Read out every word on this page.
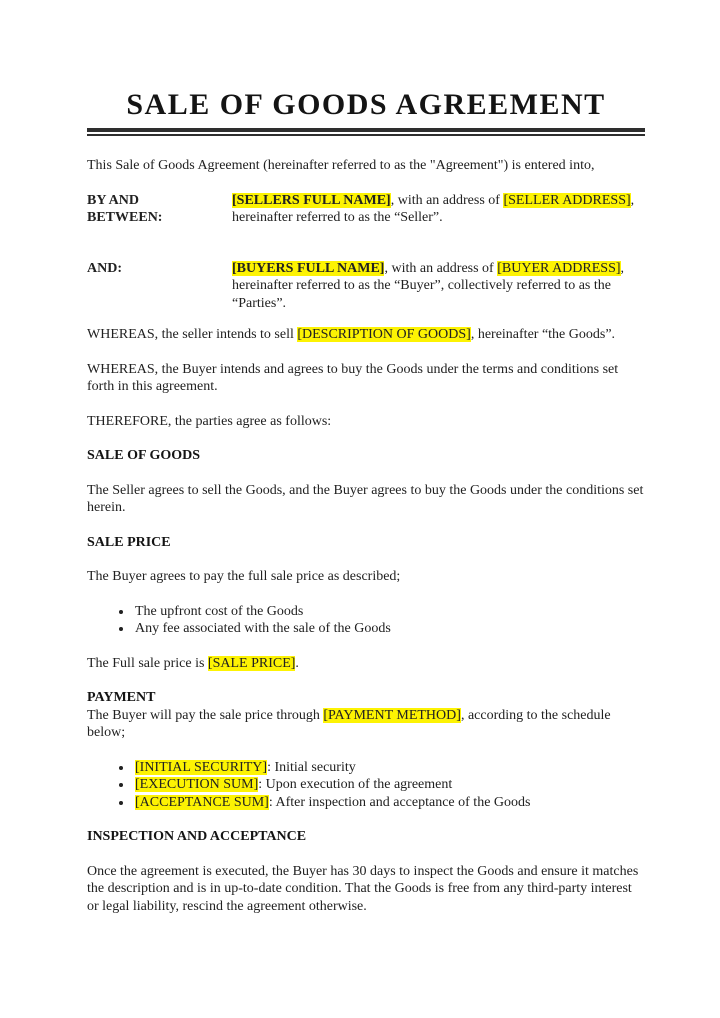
SALE OF GOODS AGREEMENT

This Sale of Goods Agreement (hereinafter referred to as the "Agreement") is entered into,

BY AND BETWEEN:
[SELLERS FULL NAME], with an address of [SELLER ADDRESS], hereinafter referred to as the “Seller”.
AND:	[BUYERS FULL NAME], with an address of [BUYER ADDRESS], hereinafter referred to as the “Buyer”, collectively referred to as the “Parties”.

WHEREAS, the seller intends to sell [DESCRIPTION OF GOODS], hereinafter “the Goods”.

WHEREAS, the Buyer intends and agrees to buy the Goods under the terms and conditions set forth in this agreement.

THEREFORE, the parties agree as follows:

SALE OF GOODS

The Seller agrees to sell the Goods, and the Buyer agrees to buy the Goods under the conditions set herein.

SALE PRICE

The Buyer agrees to pay the full sale price as described;

• The upfront cost of the Goods
• Any fee associated with the sale of the Goods

The Full sale price is [SALE PRICE].

PAYMENT

The Buyer will pay the sale price through [PAYMENT METHOD], according to the schedule below;

• [INITIAL SECURITY]: Initial security
• [EXECUTION SUM]: Upon execution of the agreement
• [ACCEPTANCE SUM]: After inspection and acceptance of the Goods
INSPECTION AND ACCEPTANCE

Once the agreement is executed, the Buyer has 30 days to inspect the Goods and ensure it matches the description and is in up-to-date condition. That the Goods is free from any third-party interest or legal liability, rescind the agreement otherwise.
